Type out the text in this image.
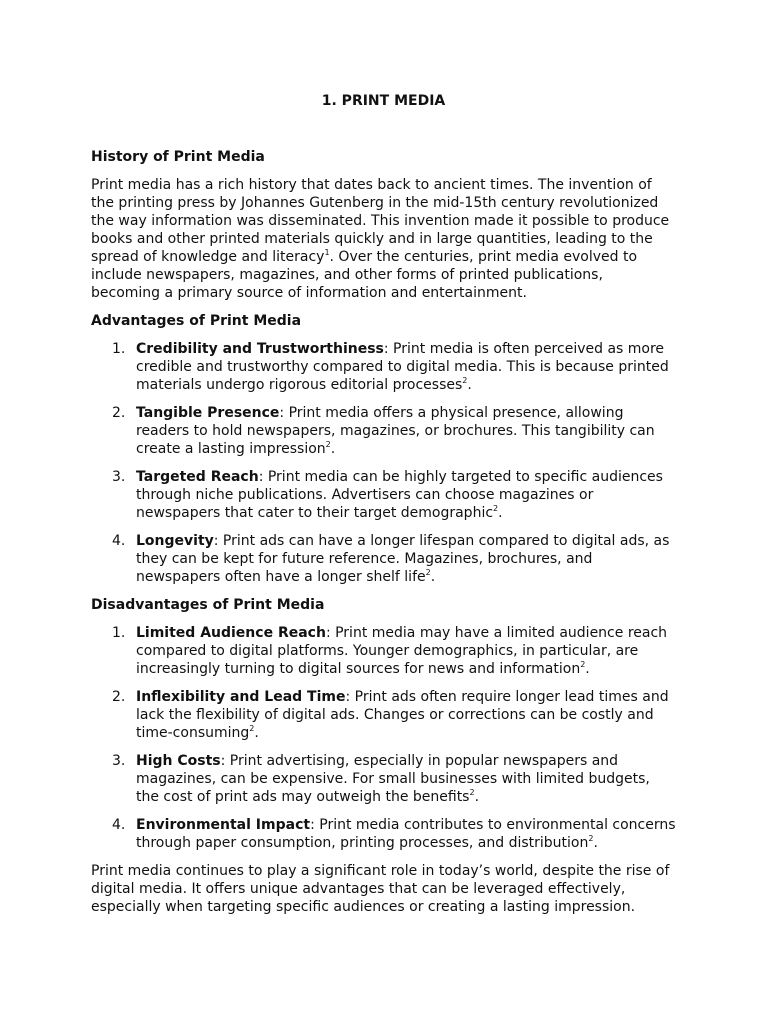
1. PRINT MEDIA
History of Print Media

Print media has a rich history that dates back to ancient times. The invention of the printing press by Johannes Gutenberg in the mid-15th century revolutionized the way information was disseminated. This invention made it possible to produce books and other printed materials quickly and in large quantities, leading to the spread of knowledge and literacy$^1$. Over the centuries, print media evolved to include newspapers, magazines, and other forms of printed publications, becoming a primary source of information and entertainment.

Advantages of Print Media
1. Credibility and Trustworthiness: Print media is often perceived as more credible and trustworthy compared to digital media. This is because printed materials undergo rigorous editorial processes$^2$.
2. Tangible Presence: Print media offers a physical presence, allowing readers to hold newspapers, magazines, or brochures. This tangibility can create a lasting impression$^2$.
3. Targeted Reach: Print media can be highly targeted to specific audiences through niche publications. Advertisers can choose magazines or newspapers that cater to their target demographic$^2$.
4. Longevity: Print ads can have a longer lifespan compared to digital ads, as they can be kept for future reference. Magazines, brochures, and newspapers often have a longer shelf life$^2$.
Disadvantages of Print Media
1. Limited Audience Reach: Print media may have a limited audience reach compared to digital platforms. Younger demographics, in particular, are increasingly turning to digital sources for news and information$^2$.
2. Inflexibility and Lead Time: Print ads often require longer lead times and lack the flexibility of digital ads. Changes or corrections can be costly and time-consuming$^2$.
3. High Costs: Print advertising, especially in popular newspapers and magazines, can be expensive. For small businesses with limited budgets, the cost of print ads may outweigh the benefits$^2$.
4. Environmental Impact: Print media contributes to environmental concerns through paper consumption, printing processes, and distribution$^2$.

Print media continues to play a significant role in today’s world, despite the rise of digital media. It offers unique advantages that can be leveraged effectively, especially when targeting specific audiences or creating a lasting impression.
